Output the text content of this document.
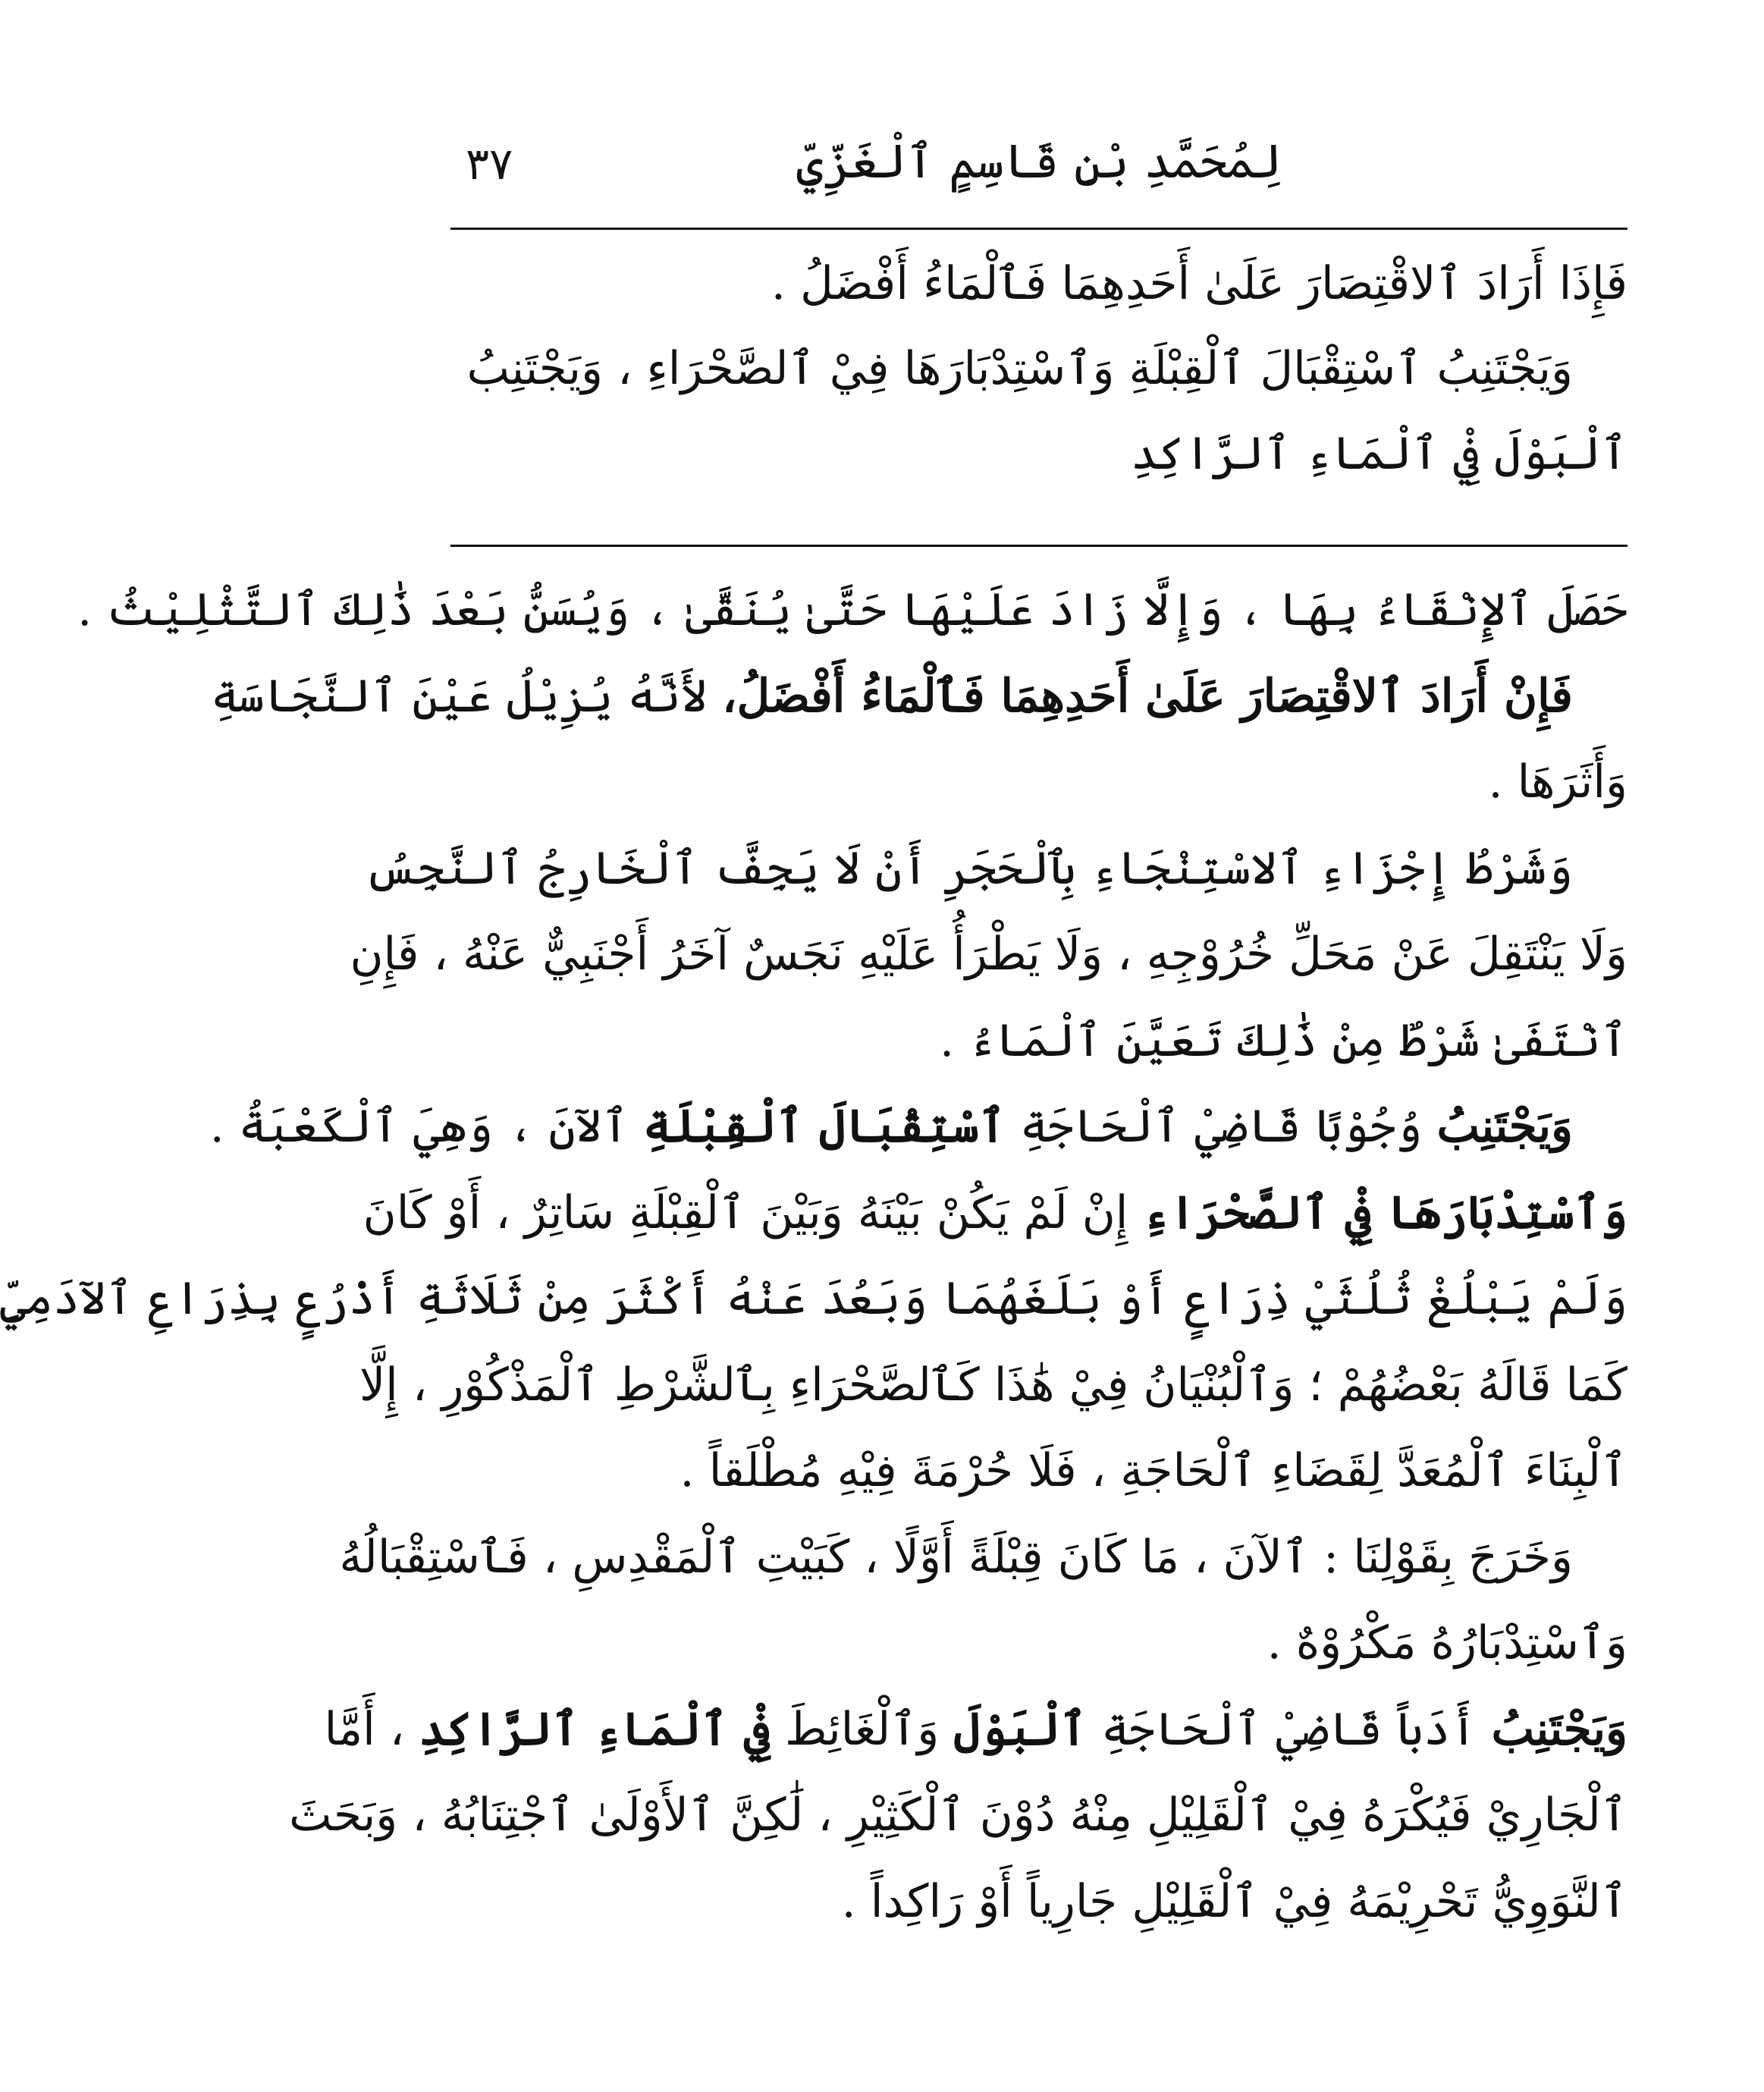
٣٧	لِمُحَمَّدِ بْنِ قَاسِمٍ ٱلْغَزِّيِّ
فَإِذَا أَرَادَ ٱلاقْتِصَارَ عَلَىٰ أَحَدِهِمَا فَٱلْمَاءُ أَفْضَلُ .
وَيَجْتَنِبُ ٱسْتِقْبَالَ ٱلْقِبْلَةِ وَٱسْتِدْبَارَهَا فِيْ ٱلصَّحْرَاءِ ، وَيَجْتَنِبُ
ٱلْبَوْلَ فِيْ ٱلْمَاءِ ٱلرَّاكِدِ
حَصَلَ ٱلإِنْقَاءُ بِهَا ، وَإِلَّا زَادَ عَلَيْهَا حَتَّىٰ يُنَقَّىٰ ، وَيُسَنُّ بَعْدَ ذَٰلِكَ ٱلتَّثْلِيْثُ .
فَإِنْ أَرَادَ ٱلاقْتِصَارَ عَلَىٰ أَحَدِهِمَا فَٱلْمَاءُ أَفْضَلُ، لأَنَّهُ يُزِيْلُ عَيْنَ ٱلنَّجَاسَةِ
وَأَثَرَهَا .
وَشَرْطُ إِجْزَاءِ ٱلاسْتِنْجَاءِ بِٱلْحَجَرِ أَنْ لَا يَجِفَّ ٱلْخَارِجُ ٱلنَّجِسُ
وَلَا يَنْتَقِلَ عَنْ مَحَلِّ خُرُوْجِهِ ، وَلَا يَطْرَأُ عَلَيْهِ نَجَسٌ آخَرُ أَجْنَبِيٌّ عَنْهُ ، فَإِنِ
ٱنْتَفَىٰ شَرْطٌ مِنْ ذَٰلِكَ تَعَيَّنَ ٱلْمَاءُ .
وَيَجْتَنِبُ وُجُوْبًا قَاضِيْ ٱلْحَاجَةِ ٱسْتِقْبَالَ ٱلْقِبْلَةِ ٱلآنَ ، وَهِيَ ٱلْكَعْبَةُ .
وَٱسْتِدْبَارَهَا فِيْ ٱلصَّحْرَاءِ إِنْ لَمْ يَكُنْ بَيْنَهُ وَبَيْنَ ٱلْقِبْلَةِ سَاتِرٌ ، أَوْ كَانَ
وَلَمْ يَبْلُغْ ثُلُثَيْ ذِرَاعٍ أَوْ بَلَغَهُمَا وَبَعُدَ عَنْهُ أَكْثَرَ مِنْ ثَلَاثَةِ أَذْرُعٍ بِذِرَاعِ ٱلآدَمِيِّ
كَمَا قَالَهُ بَعْضُهُمْ ؛ وَٱلْبُنْيَانُ فِيْ هَٰذَا كَٱلصَّحْرَاءِ بِٱلشَّرْطِ ٱلْمَذْكُوْرِ ، إِلَّا
ٱلْبِنَاءَ ٱلْمُعَدَّ لِقَضَاءِ ٱلْحَاجَةِ ، فَلَا حُرْمَةَ فِيْهِ مُطْلَقاً .
وَخَرَجَ بِقَوْلِنَا : ٱلآنَ ، مَا كَانَ قِبْلَةً أَوَّلًا ، كَبَيْتِ ٱلْمَقْدِسِ ، فَٱسْتِقْبَالُهُ
وَٱسْتِدْبَارُهُ مَكْرُوْهٌ .
وَيَجْتَنِبُ أَدَباً قَاضِيْ ٱلْحَاجَةِ ٱلْبَوْلَ وَٱلْغَائِطَ فِيْ ٱلْمَاءِ ٱلرَّاكِدِ ، أَمَّا
ٱلْجَارِيْ فَيُكْرَهُ فِيْ ٱلْقَلِيْلِ مِنْهُ دُوْنَ ٱلْكَثِيْرِ ، لَٰكِنَّ ٱلأَوْلَىٰ ٱجْتِنَابُهُ ، وَبَحَثَ
ٱلنَّوَوِيُّ تَحْرِيْمَهُ فِيْ ٱلْقَلِيْلِ جَارِياً أَوْ رَاكِداً .
